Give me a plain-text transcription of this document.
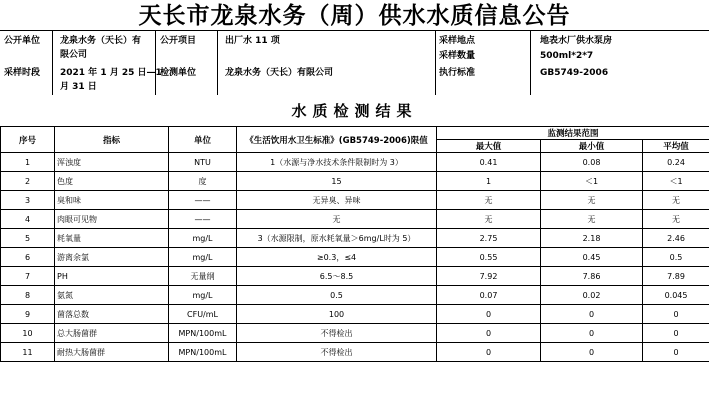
天长市龙泉水务（周）供水水质信息公告
公开单位 龙泉水务（天长）有
限公司
公开项目	出厂水 11 项	采样地点	地表水厂供水泵房
采样数量	500ml*2*7
采样时段 2021 年 1 月 25 日—1
月 31 日
检测单位	龙泉水务（天长）有限公司	执行标准	GB5749-2006
水质检测结果
序号	指标	单位	《生活饮用水卫生标准》(GB5749-2006)限值	监测结果范围		
				最大值	最小值	平均值
1	浑浊度	NTU	1（水源与净水技术条件限制时为 3）	0.41	0.08	0.24
2	色度	度	15	1	＜1	＜1
3	臭和味	——	无异臭、异味	无	无	无
4	肉眼可见物	——	无	无	无	无
5	耗氧量	mg/L	3（水源限制，原水耗氧量＞6mg/L时为 5）	2.75	2.18	2.46
6	游离余氯	mg/L	≥0.3，≤4	0.55	0.45	0.5
7	PH	无量纲	6.5～8.5	7.92	7.86	7.89
8	氨氮	mg/L	0.5	0.07	0.02	0.045
9	菌落总数	CFU/mL	100	0	0	0
10	总大肠菌群	MPN/100mL	不得检出	0	0	0
11	耐热大肠菌群	MPN/100mL	不得检出	0	0	0
